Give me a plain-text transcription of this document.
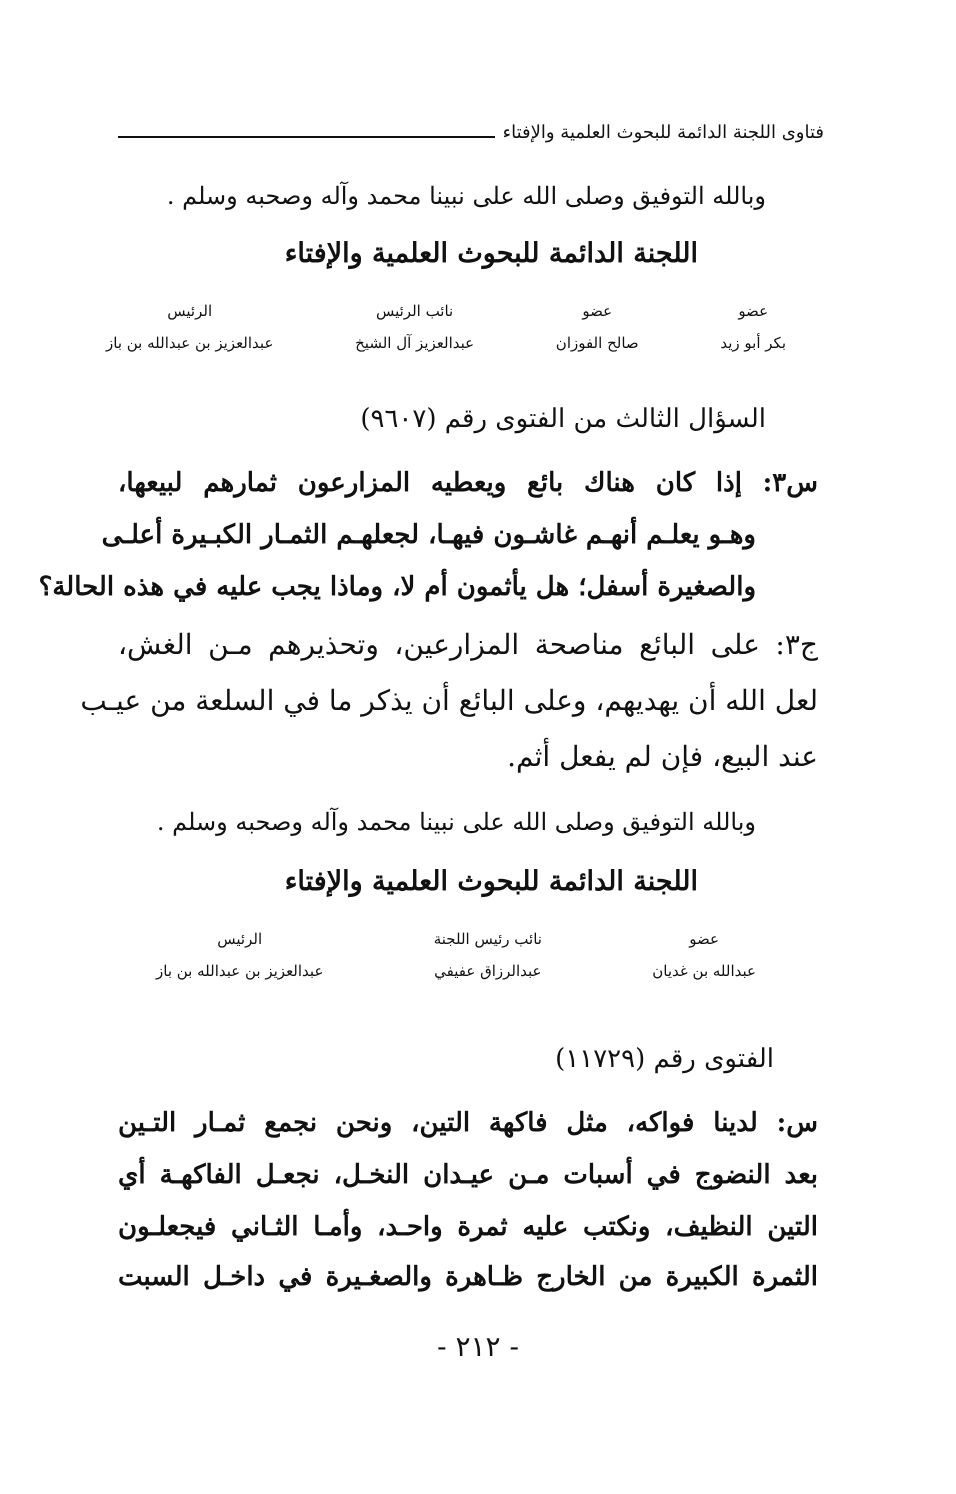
فتاوى اللجنة الدائمة للبحوث العلمية والإفتاء
وبالله التوفيق وصلى الله على نبينا محمد وآله وصحبه وسلم .
اللجنة الدائمة للبحوث العلمية والإفتاء
عضو
بكر أبو زيد
عضو
صالح الفوزان
نائب الرئيس
عبدالعزيز آل الشيخ
الرئيس
عبدالعزيز بن عبدالله بن باز
السؤال الثالث من الفتوى رقم (٩٦٠٧)
س٣: إذا كان هناك بائع ويعطيه المزارعون ثمارهم لبيعها،
وهـو يعلـم أنهـم غاشـون فيهـا، لجعلهـم الثمـار الكبـيرة أعلـى
والصغيرة أسفل؛ هل يأثمون أم لا، وماذا يجب عليه في هذه الحالة؟
ج٣: على البائع مناصحة المزارعين، وتحذيرهم مـن الغش،
لعل الله أن يهديهم، وعلى البائع أن يذكر ما في السلعة من عيـب
عند البيع، فإن لم يفعل أثم.
وبالله التوفيق وصلى الله على نبينا محمد وآله وصحبه وسلم .
اللجنة الدائمة للبحوث العلمية والإفتاء
عضو
عبدالله بن غديان
نائب رئيس اللجنة
عبدالرزاق عفيفي
الرئيس
عبدالعزيز بن عبدالله بن باز
الفتوى رقم (١١٧٢٩)
س: لدينا فواكه، مثل فاكهة التين، ونحن نجمع ثمـار التـين
بعد النضوج في أسبات مـن عيـدان النخـل، نجعـل الفاكهـة أي
التين النظيف، ونكتب عليه ثمرة واحـد، وأمـا الثـاني فيجعلـون
الثمرة الكبيرة من الخارج ظـاهرة والصغـيرة في داخـل السبت
- ٢١٢ -
